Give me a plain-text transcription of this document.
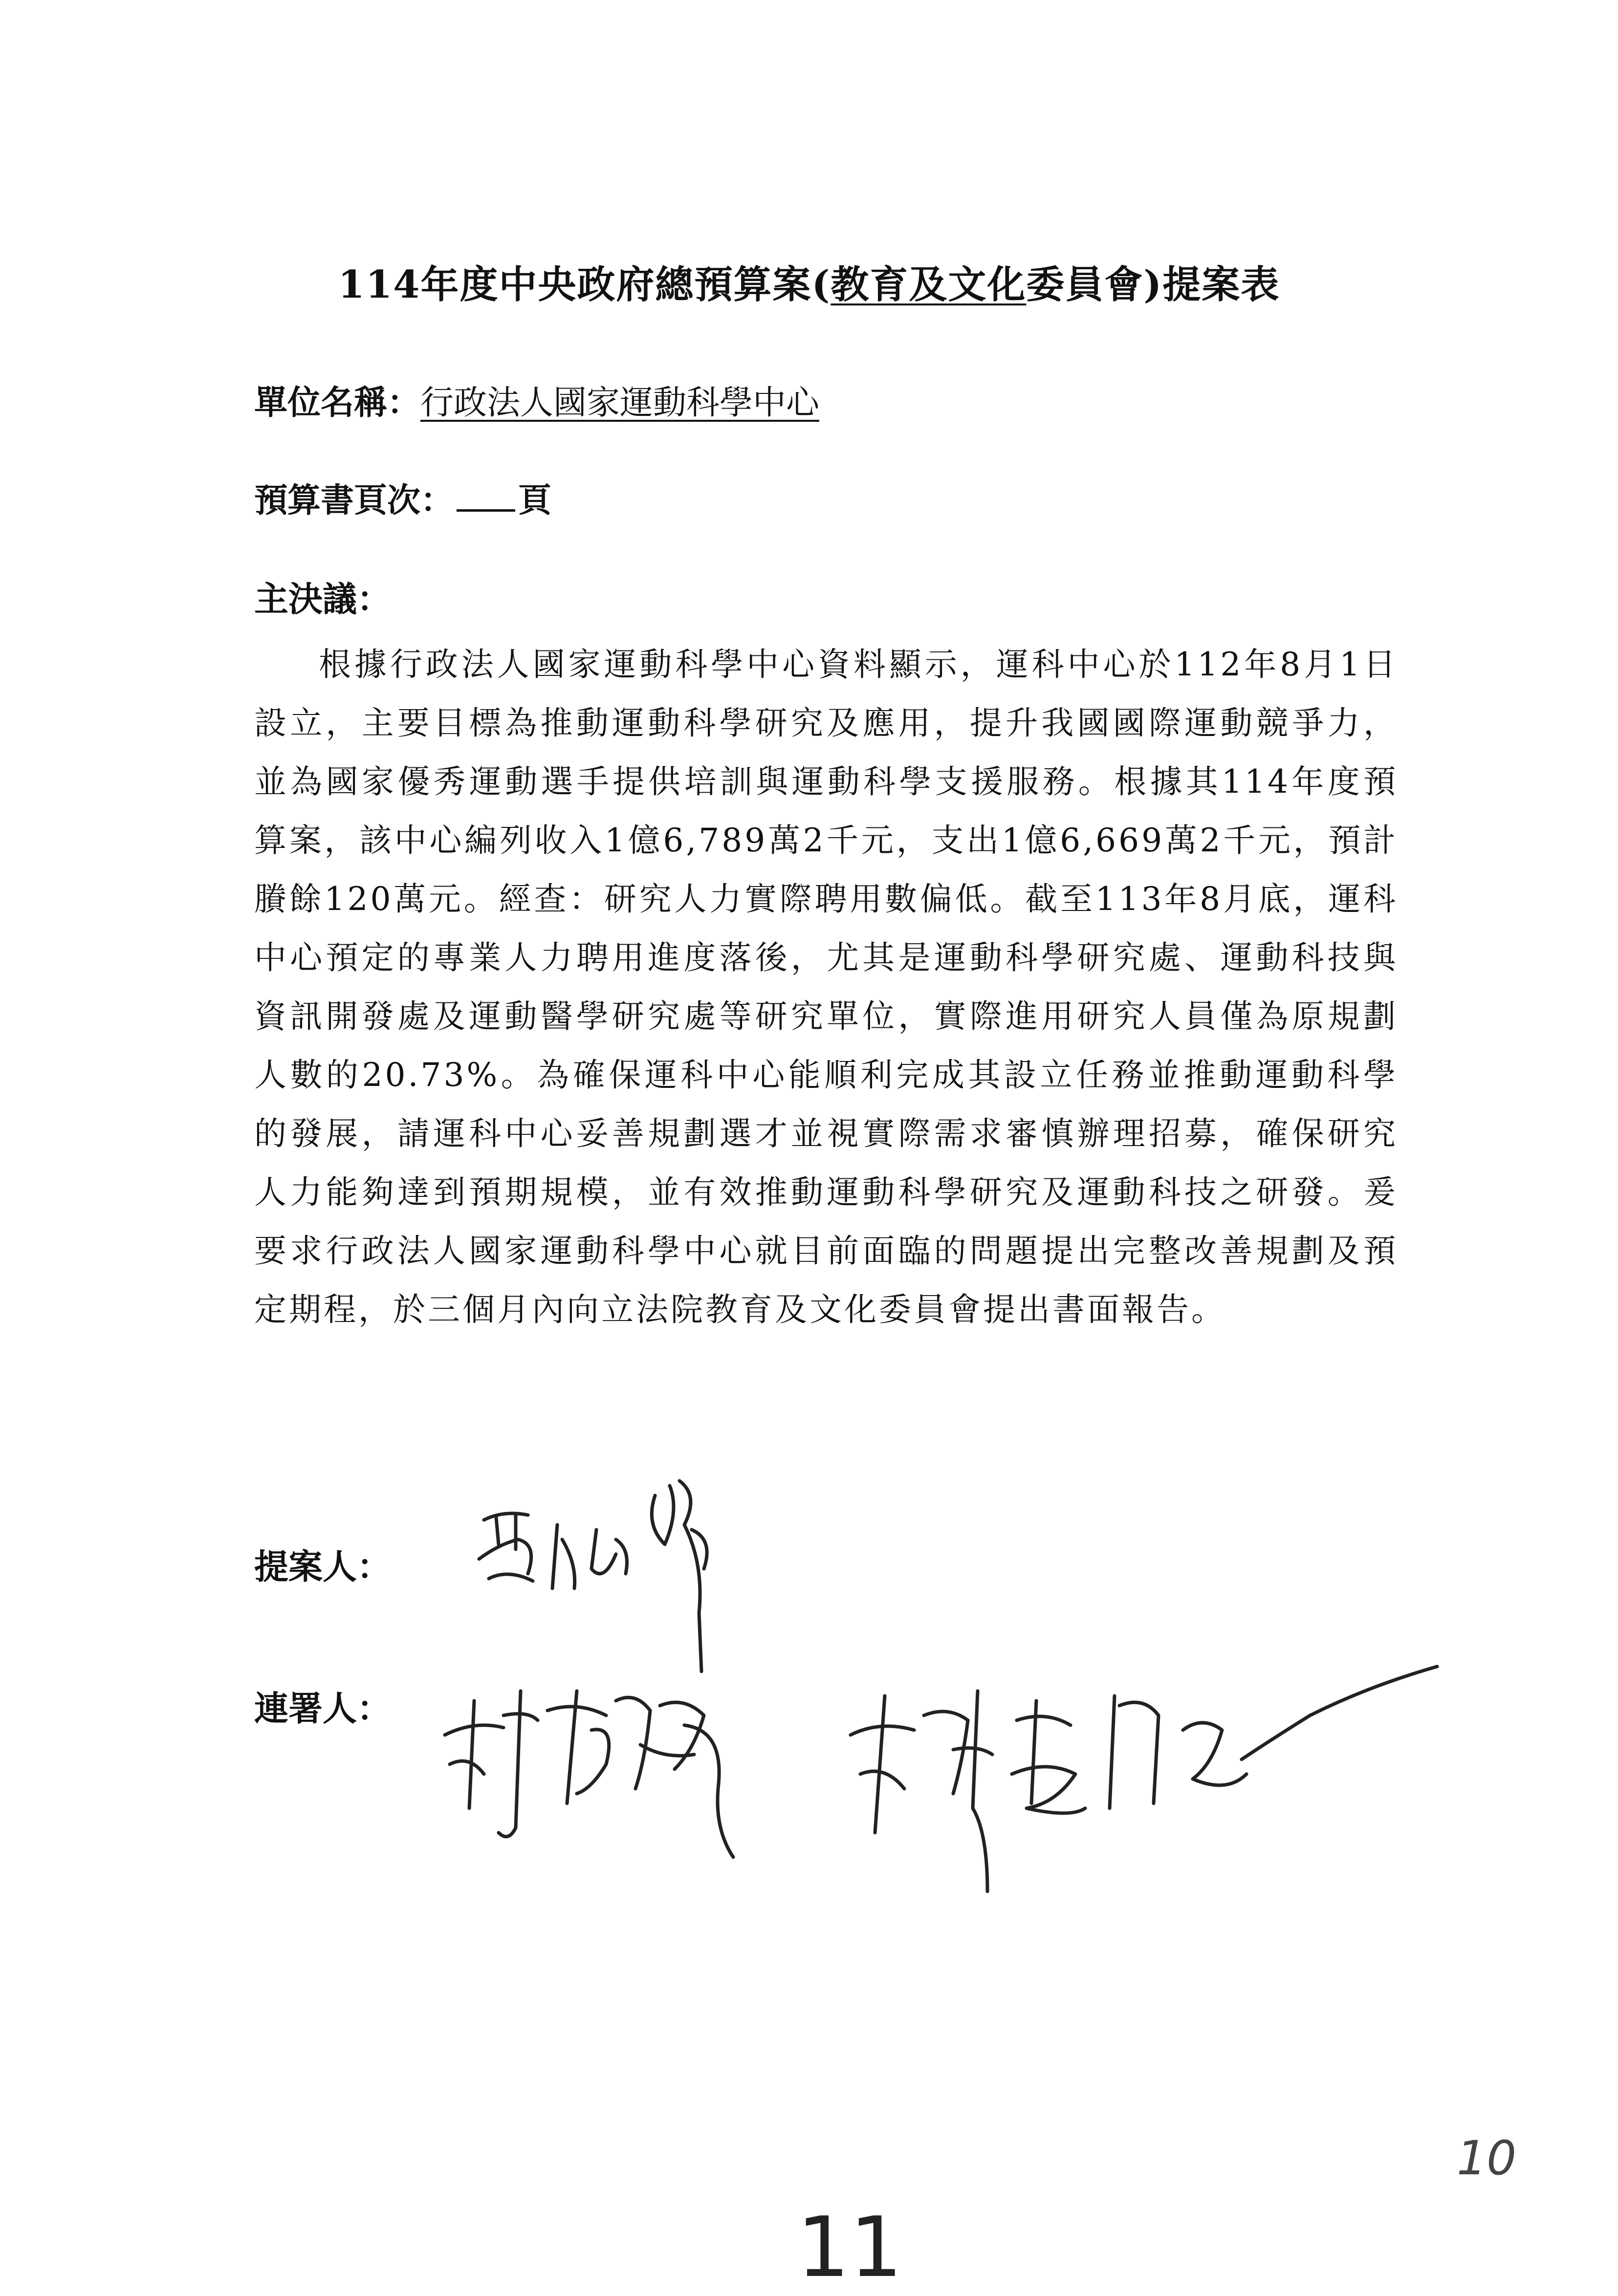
114年度中央政府總預算案(教育及文化委員會)提案表
單位名稱：行政法人國家運動科學中心
預算書頁次： 頁
主決議：

根據行政法人國家運動科學中心資料顯示，運科中心於112年8月1日設立，主要目標為推動運動科學研究及應用，提升我國國際運動競爭力，並為國家優秀運動選手提供培訓與運動科學支援服務。根據其114年度預算案，該中心編列收入1億6,789萬2千元，支出1億6,669萬2千元，預計賸餘120萬元。經查：研究人力實際聘用數偏低。截至113年8月底，運科中心預定的專業人力聘用進度落後，尤其是運動科學研究處、運動科技與資訊開發處及運動醫學研究處等研究單位，實際進用研究人員僅為原規劃人數的20.73%。為確保運科中心能順利完成其設立任務並推動運動科學的發展，請運科中心妥善規劃選才並視實際需求審慎辦理招募，確保研究人力能夠達到預期規模，並有效推動運動科學研究及運動科技之研發。爰要求行政法人國家運動科學中心就目前面臨的問題提出完整改善規劃及預定期程，於三個月內向立法院教育及文化委員會提出書面報告。

提案人：
連署人：
10
11
